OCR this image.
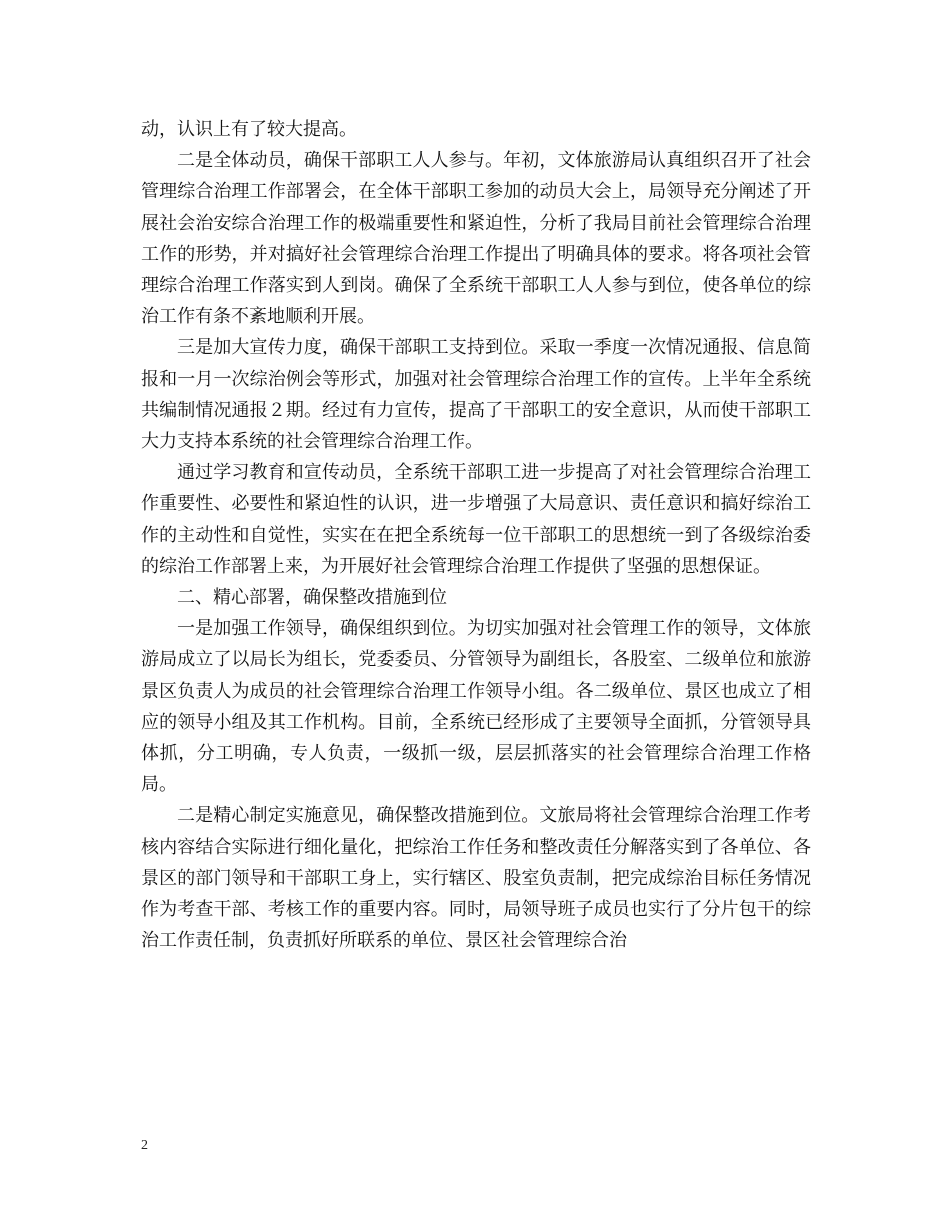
动，认识上有了较大提高。

二是全体动员，确保干部职工人人参与。年初，文体旅游局认真组织召开了社会管理综合治理工作部署会，在全体干部职工参加的动员大会上，局领导充分阐述了开展社会治安综合治理工作的极端重要性和紧迫性，分析了我局目前社会管理综合治理工作的形势，并对搞好社会管理综合治理工作提出了明确具体的要求。将各项社会管理综合治理工作落实到人到岗。确保了全系统干部职工人人参与到位，使各单位的综治工作有条不紊地顺利开展。

三是加大宣传力度，确保干部职工支持到位。采取一季度一次情况通报、信息简报和一月一次综治例会等形式，加强对社会管理综合治理工作的宣传。上半年全系统共编制情况通报２期。经过有力宣传，提高了干部职工的安全意识，从而使干部职工大力支持本系统的社会管理综合治理工作。

通过学习教育和宣传动员，全系统干部职工进一步提高了对社会管理综合治理工作重要性、必要性和紧迫性的认识，进一步增强了大局意识、责任意识和搞好综治工作的主动性和自觉性，实实在在把全系统每一位干部职工的思想统一到了各级综治委的综治工作部署上来，为开展好社会管理综合治理工作提供了坚强的思想保证。

二、精心部署，确保整改措施到位

一是加强工作领导，确保组织到位。为切实加强对社会管理工作的领导，文体旅游局成立了以局长为组长，党委委员、分管领导为副组长，各股室、二级单位和旅游景区负责人为成员的社会管理综合治理工作领导小组。各二级单位、景区也成立了相应的领导小组及其工作机构。目前，全系统已经形成了主要领导全面抓，分管领导具体抓，分工明确，专人负责，一级抓一级，层层抓落实的社会管理综合治理工作格局。

二是精心制定实施意见，确保整改措施到位。文旅局将社会管理综合治理工作考核内容结合实际进行细化量化，把综治工作任务和整改责任分解落实到了各单位、各景区的部门领导和干部职工身上，实行辖区、股室负责制，把完成综治目标任务情况作为考查干部、考核工作的重要内容。同时，局领导班子成员也实行了分片包干的综治工作责任制，负责抓好所联系的单位、景区社会管理综合治

2
